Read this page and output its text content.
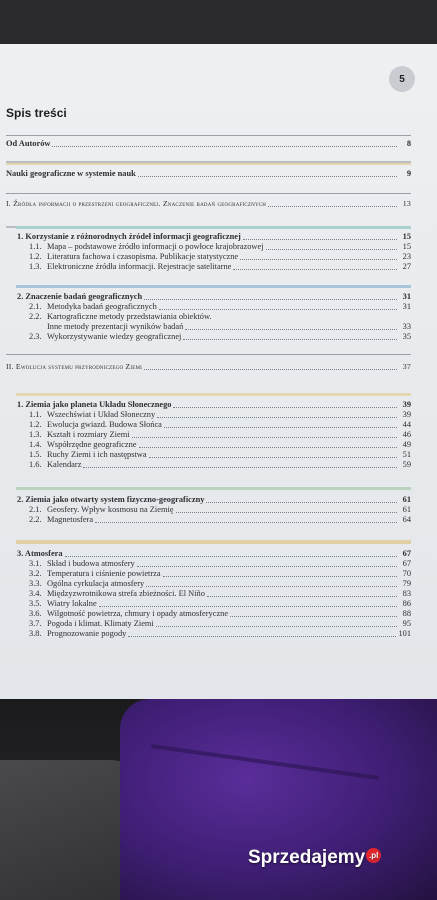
5
Spis treści
Od Autorów	8
Nauki geograficzne w systemie nauk	9
I. Źródła informacji o przestrzeni geograficznej. Znaczenie badań geograficznych	13
1. Korzystanie z różnorodnych źródeł informacji geograficznej	15
1.1. Mapa – podstawowe źródło informacji o powłoce krajobrazowej	15
1.2. Literatura fachowa i czasopisma. Publikacje statystyczne	23
1.3. Elektroniczne źródła informacji. Rejestracje satelitarne	27
2. Znaczenie badań geograficznych	31
2.1. Metodyka badań geograficznych	31
2.2. Kartograficzne metody przedstawiania obiektów.
Inne metody prezentacji wyników badań	33
2.3. Wykorzystywanie wiedzy geograficznej	35
II. Ewolucja systemu przyrodniczego Ziemi	37
1. Ziemia jako planeta Układu Słonecznego	39
1.1. Wszechświat i Układ Słoneczny	39
1.2. Ewolucja gwiazd. Budowa Słońca	44
1.3. Kształt i rozmiary Ziemi	46
1.4. Współrzędne geograficzne	49
1.5. Ruchy Ziemi i ich następstwa	51
1.6. Kalendarz	59
2. Ziemia jako otwarty system fizyczno-geograficzny	61
2.1. Geosfery. Wpływ kosmosu na Ziemię	61
2.2. Magnetosfera	64
3. Atmosfera	67
3.1. Skład i budowa atmosfery	67
3.2. Temperatura i ciśnienie powietrza	70
3.3. Ogólna cyrkulacja atmosfery	79
3.4. Międzyzwrotnikowa strefa zbieżności. El Niño	83
3.5. Wiatry lokalne	86
3.6. Wilgotność powietrza, chmury i opady atmosferyczne	88
3.7. Pogoda i klimat. Klimaty Ziemi	95
3.8. Prognozowanie pogody	101
Sprzedajemy .pl
